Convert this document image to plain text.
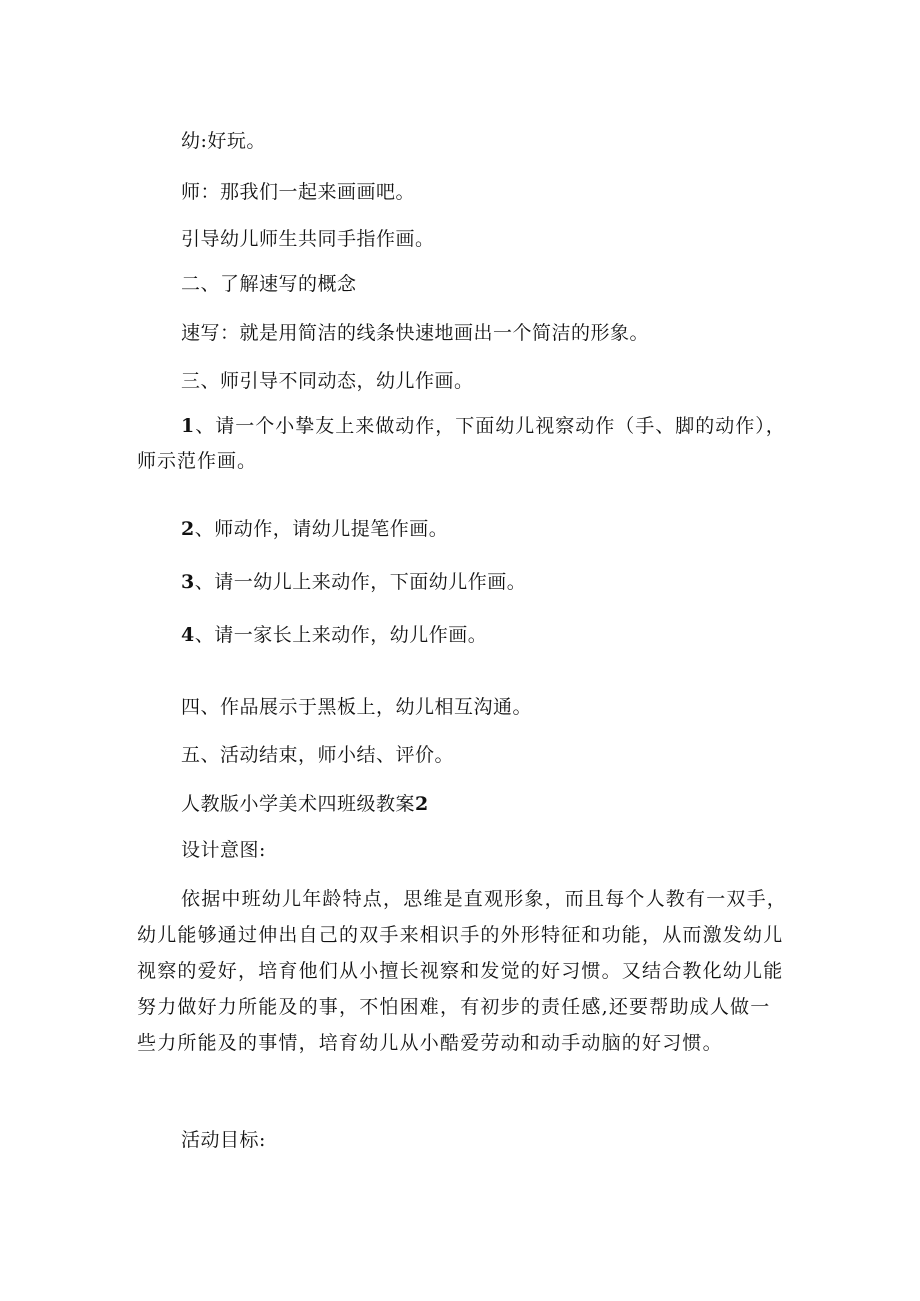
幼:好玩。
师：那我们一起来画画吧。
引导幼儿师生共同手指作画。
二、了解速写的概念
速写：就是用简洁的线条快速地画出一个简洁的形象。
三、师引导不同动态，幼儿作画。
1、请一个小挚友上来做动作，下面幼儿视察动作（手、脚的动作），师示范作画。
2、师动作，请幼儿提笔作画。
3、请一幼儿上来动作，下面幼儿作画。
4、请一家长上来动作，幼儿作画。
四、作品展示于黑板上，幼儿相互沟通。
五、活动结束，师小结、评价。
人教版小学美术四班级教案2
设计意图:
依据中班幼儿年龄特点，思维是直观形象，而且每个人教有一双手，幼儿能够通过伸出自己的双手来相识手的外形特征和功能，从而激发幼儿视察的爱好，培育他们从小擅长视察和发觉的好习惯。又结合教化幼儿能努力做好力所能及的事，不怕困难，有初步的责任感,还要帮助成人做一些力所能及的事情，培育幼儿从小酷爱劳动和动手动脑的好习惯。
活动目标:
